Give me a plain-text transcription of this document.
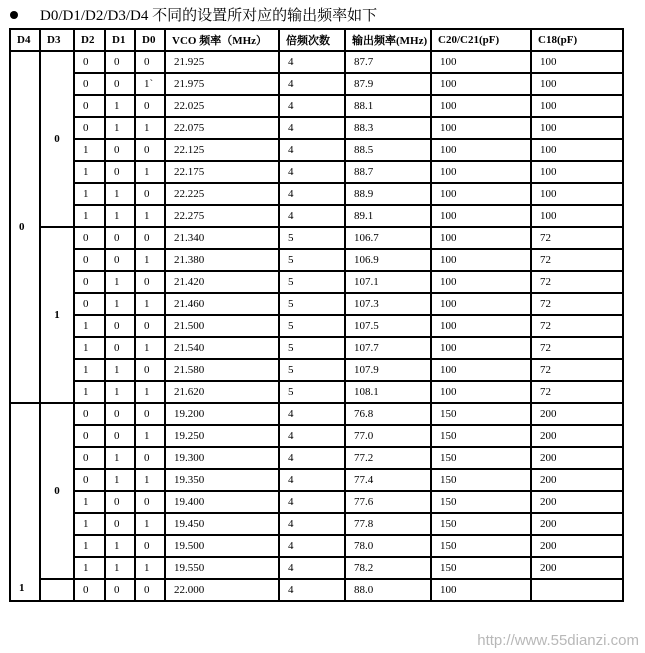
D0/D1/D2/D3/D4 不同的设置所对应的输出频率如下
D4	D3	D2	D1	D0	VCO 频率（MHz）	倍频次数	输出频率(MHz)	C20/C21(pF)	C18(pF)
0	0	0	0	0	21.925	4	87.7	100	100
		0	0	1`	21.975	4	87.9	100	100
		0	1	0	22.025	4	88.1	100	100
		0	1	1	22.075	4	88.3	100	100
		1	0	0	22.125	4	88.5	100	100
		1	0	1	22.175	4	88.7	100	100
		1	1	0	22.225	4	88.9	100	100
		1	1	1	22.275	4	89.1	100	100
	1	0	0	0	21.340	5	106.7	100	72
		0	0	1	21.380	5	106.9	100	72
		0	1	0	21.420	5	107.1	100	72
		0	1	1	21.460	5	107.3	100	72
		1	0	0	21.500	5	107.5	100	72
		1	0	1	21.540	5	107.7	100	72
		1	1	0	21.580	5	107.9	100	72
		1	1	1	21.620	5	108.1	100	72
1	0	0	0	0	19.200	4	76.8	150	200
		0	0	1	19.250	4	77.0	150	200
		0	1	0	19.300	4	77.2	150	200
		0	1	1	19.350	4	77.4	150	200
		1	0	0	19.400	4	77.6	150	200
		1	0	1	19.450	4	77.8	150	200
		1	1	0	19.500	4	78.0	150	200
		1	1	1	19.550	4	78.2	150	200
		0	0	0	22.000	4	88.0	100	
http://www.55dianzi.com
